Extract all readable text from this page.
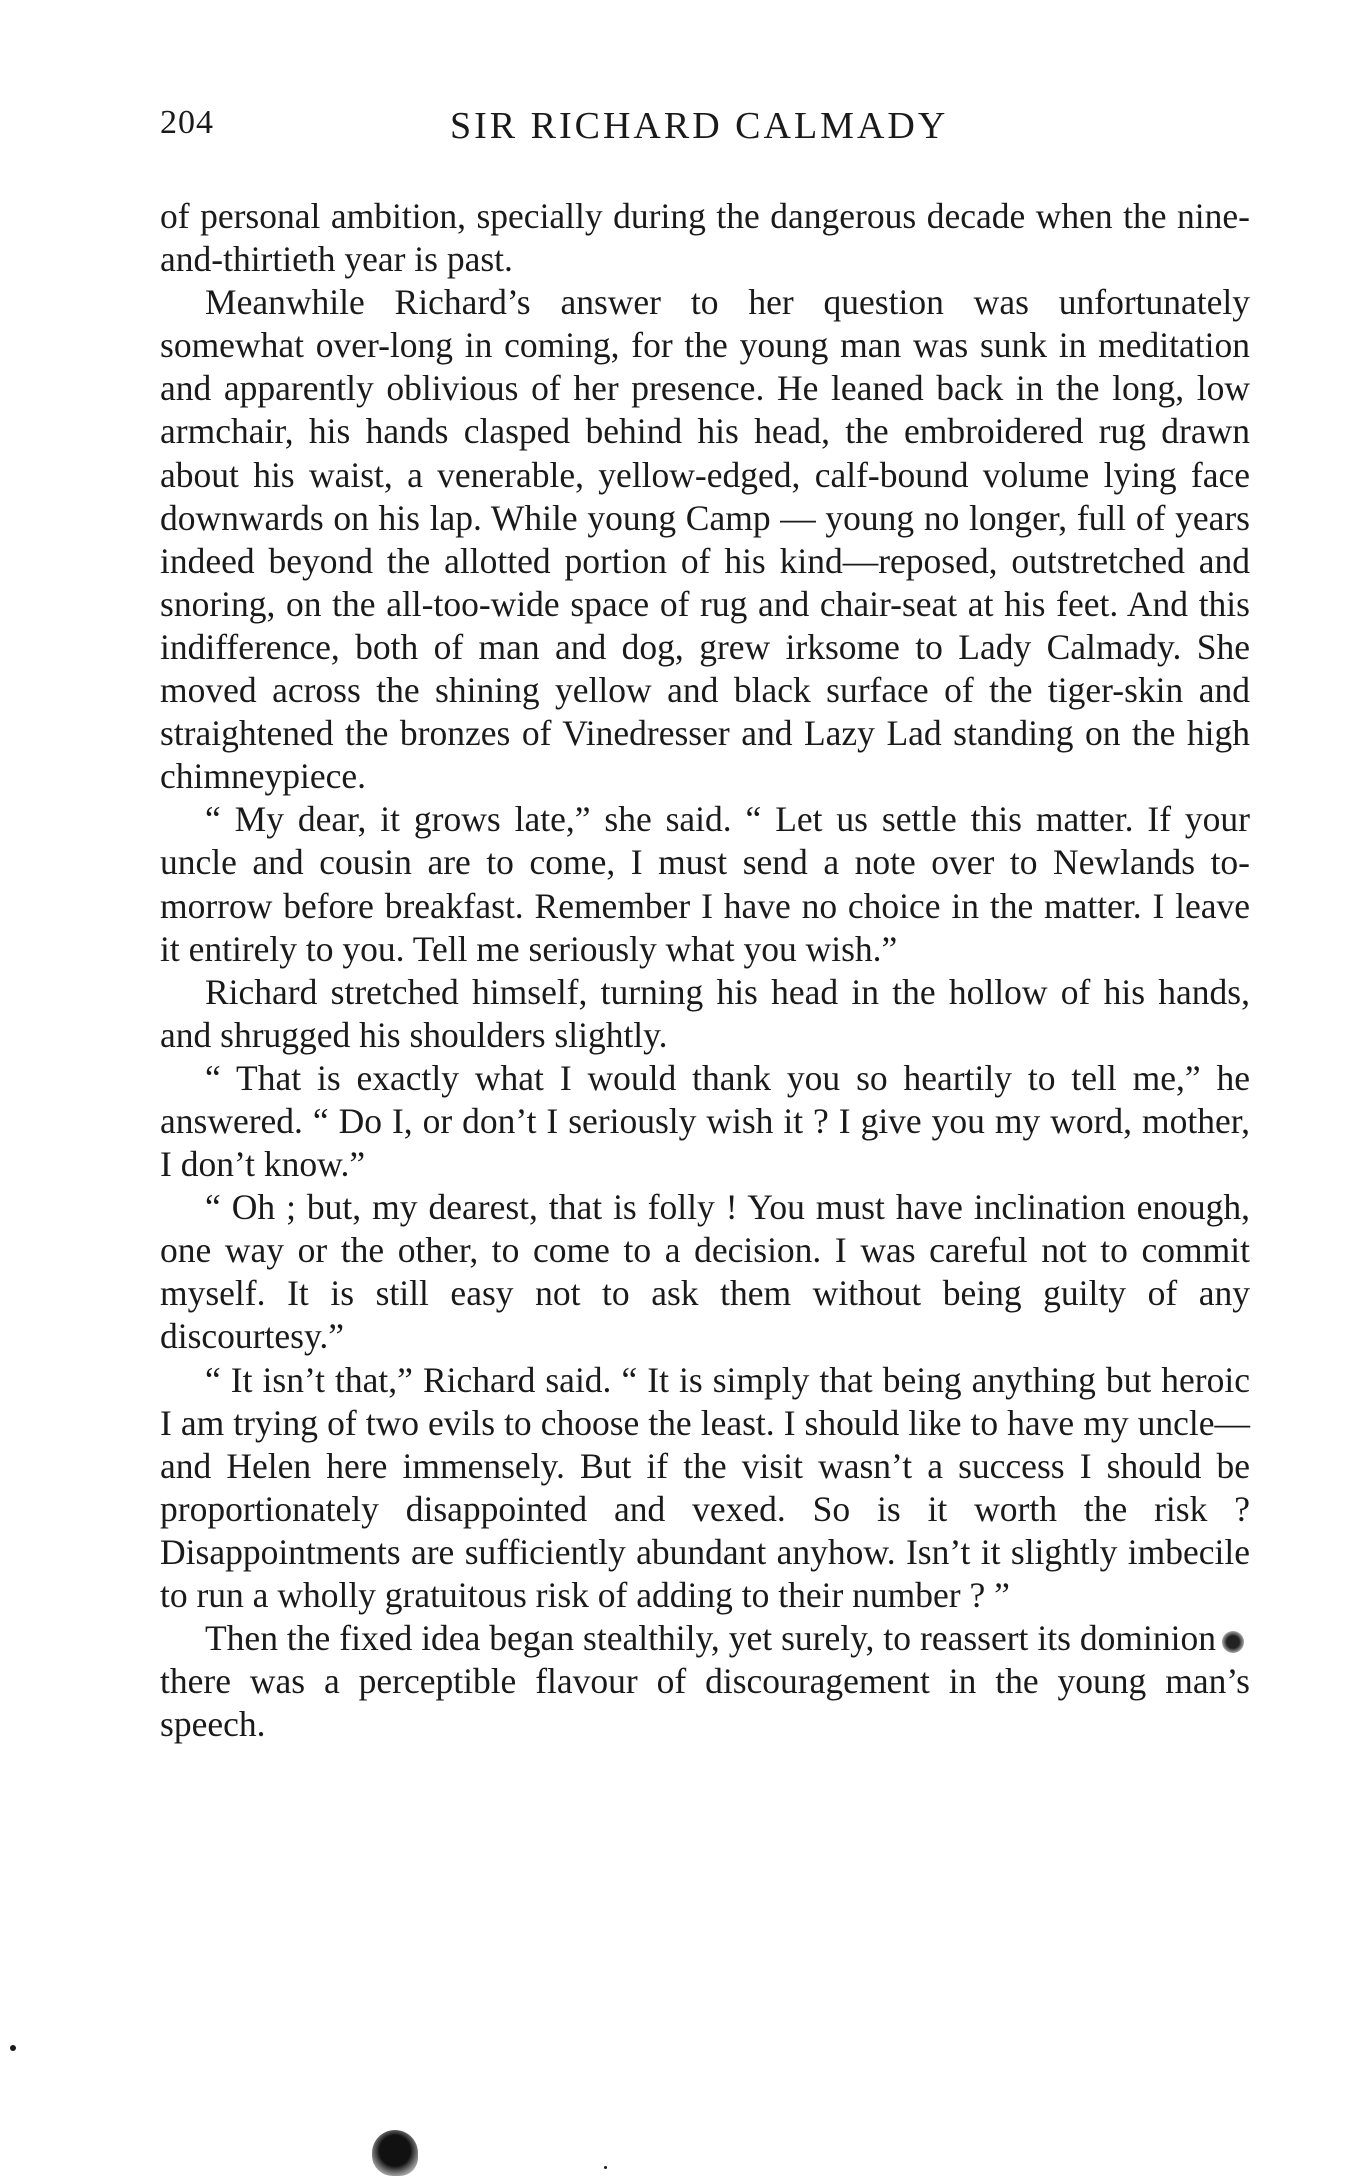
204	SIR RICHARD CALMADY

of personal ambition, specially during the dangerous decade when the nine-and-thirtieth year is past.

Meanwhile Richard’s answer to her question was unfortunately somewhat over-long in coming, for the young man was sunk in meditation and apparently oblivious of her presence. He leaned back in the long, low armchair, his hands clasped behind his head, the embroidered rug drawn about his waist, a venerable, yellow-edged, calf-bound volume lying face downwards on his lap. While young Camp — young no longer, full of years indeed beyond the allotted portion of his kind—reposed, outstretched and snoring, on the all-too-wide space of rug and chair-seat at his feet. And this indifference, both of man and dog, grew irksome to Lady Calmady. She moved across the shining yellow and black surface of the tiger-skin and straightened the bronzes of Vinedresser and Lazy Lad standing on the high chimneypiece.

“ My dear, it grows late,” she said. “ Let us settle this matter. If your uncle and cousin are to come, I must send a note over to Newlands to-morrow before breakfast. Remember I have no choice in the matter. I leave it entirely to you. Tell me seriously what you wish.”

Richard stretched himself, turning his head in the hollow of his hands, and shrugged his shoulders slightly.

“ That is exactly what I would thank you so heartily to tell me,” he answered. “ Do I, or don’t I seriously wish it ? I give you my word, mother, I don’t know.”

“ Oh ; but, my dearest, that is folly ! You must have inclination enough, one way or the other, to come to a decision. I was careful not to commit myself. It is still easy not to ask them without being guilty of any discourtesy.”

“ It isn’t that,” Richard said. “ It is simply that being anything but heroic I am trying of two evils to choose the least. I should like to have my uncle—and Helen here immensely. But if the visit wasn’t a success I should be proportionately disappointed and vexed. So is it worth the risk ? Disappointments are sufficiently abundant anyhow. Isn’t it slightly imbecile to run a wholly gratuitous risk of adding to their number ? ”

Then the fixed idea began stealthily, yet surely, to reassert its dominionthere was a perceptible flavour of discouragement in the young man’s speech.
